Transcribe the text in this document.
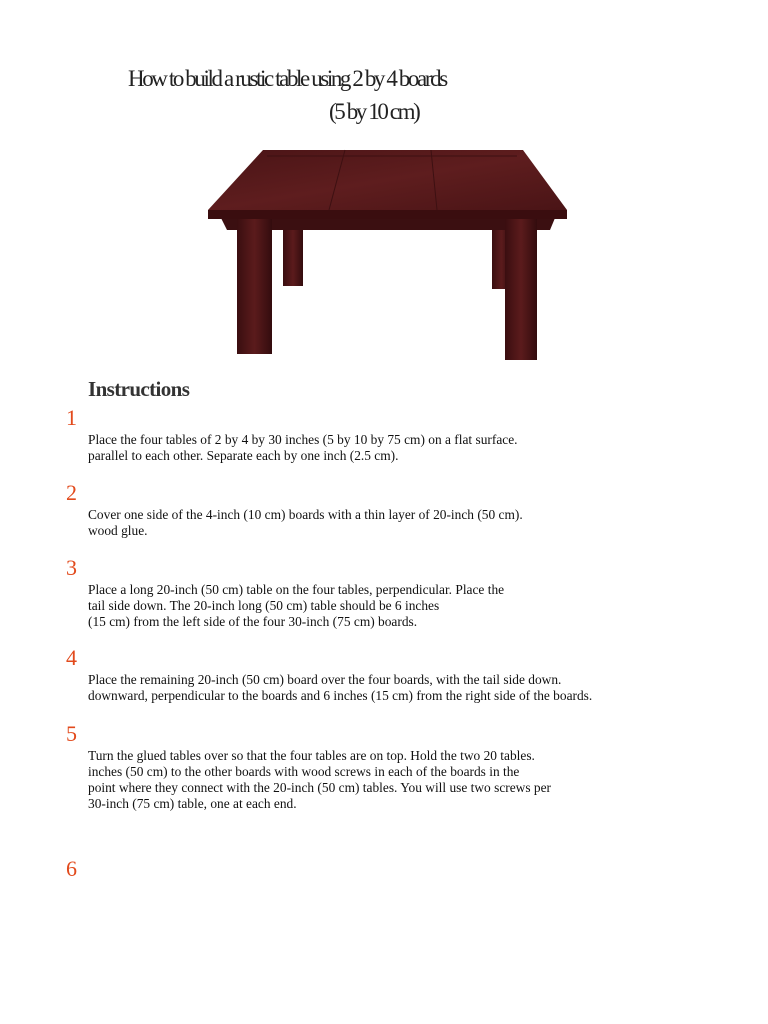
How to build a rustic table using 2 by 4 boards
(5 by 10 cm)
Instructions
1
Place the four tables of 2 by 4 by 30 inches (5 by 10 by 75 cm) on a flat surface.
parallel to each other. Separate each by one inch (2.5 cm).
2
Cover one side of the 4-inch (10 cm) boards with a thin layer of 20-inch (50 cm).
wood glue.
3
Place a long 20-inch (50 cm) table on the four tables, perpendicular. Place the
tail side down. The 20-inch long (50 cm) table should be 6 inches
(15 cm) from the left side of the four 30-inch (75 cm) boards.
4
Place the remaining 20-inch (50 cm) board over the four boards, with the tail side down.
downward, perpendicular to the boards and 6 inches (15 cm) from the right side of the boards.
5
Turn the glued tables over so that the four tables are on top. Hold the two 20 tables.
inches (50 cm) to the other boards with wood screws in each of the boards in the
point where they connect with the 20-inch (50 cm) tables. You will use two screws per
30-inch (75 cm) table, one at each end.
6
